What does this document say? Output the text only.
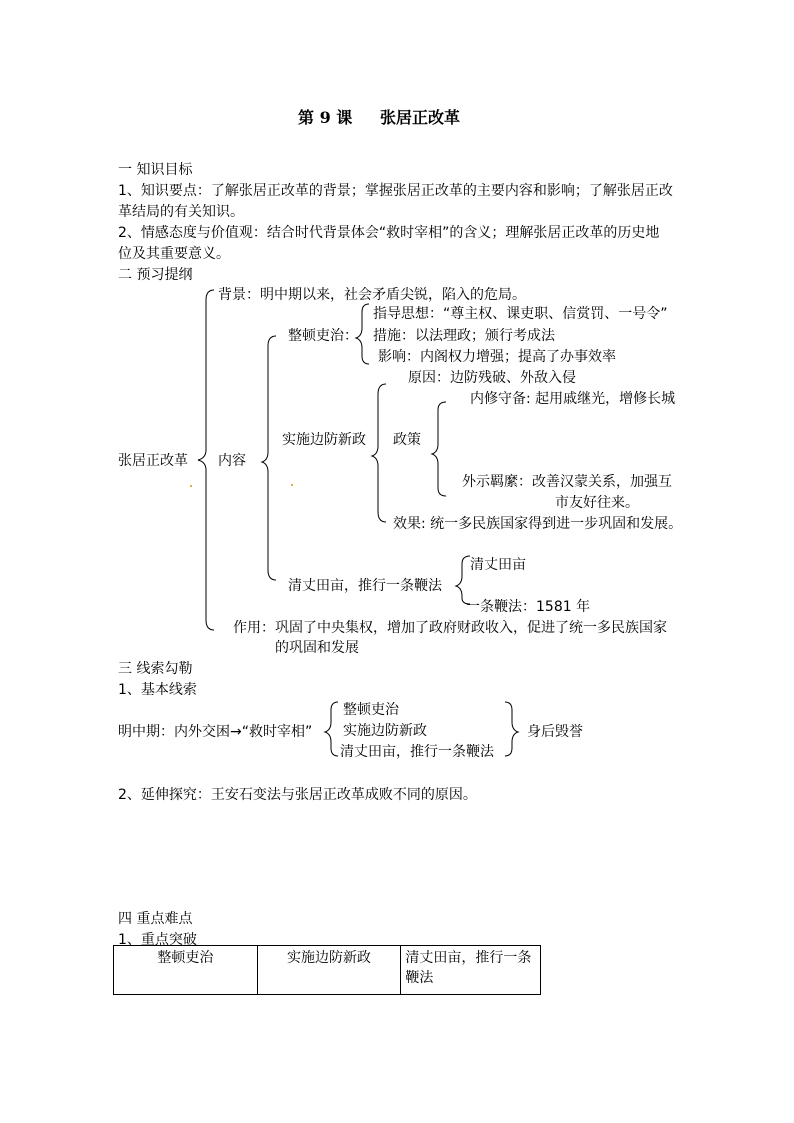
第 9 课 张居正改革
一 知识目标
1、知识要点：了解张居正改革的背景；掌握张居正改革的主要内容和影响；了解张居正改
革结局的有关知识。
2、情感态度与价值观：结合时代背景体会“救时宰相”的含义；理解张居正改革的历史地
位及其重要意义。
二 预习提纲
张居正改革
背景：明中期以来，社会矛盾尖锐，陷入的危局。
内容
整顿吏治：
指导思想：“尊主权、课吏职、信赏罚、一号令”
措施：以法理政；颁行考成法
影响：内阁权力增强；提高了办事效率
实施边防新政
原因：边防残破、外敌入侵
政策
内修守备: 起用戚继光，增修长城
外示羁縻：改善汉蒙关系，加强互
市友好往来。
效果: 统一多民族国家得到进一步巩固和发展。
清丈田亩，推行一条鞭法
清丈田亩
一条鞭法：1581 年
作用：巩固了中央集权，增加了政府财政收入，促进了统一多民族国家
的巩固和发展
三 线索勾勒
1、基本线索
明中期：内外交困→“救时宰相”
整顿吏治
实施边防新政
清丈田亩，推行一条鞭法
身后毁誉
2、延伸探究：王安石变法与张居正改革成败不同的原因。
四 重点难点
1、重点突破
整顿吏治	实施边防新政	清丈田亩，推行一条
鞭法
